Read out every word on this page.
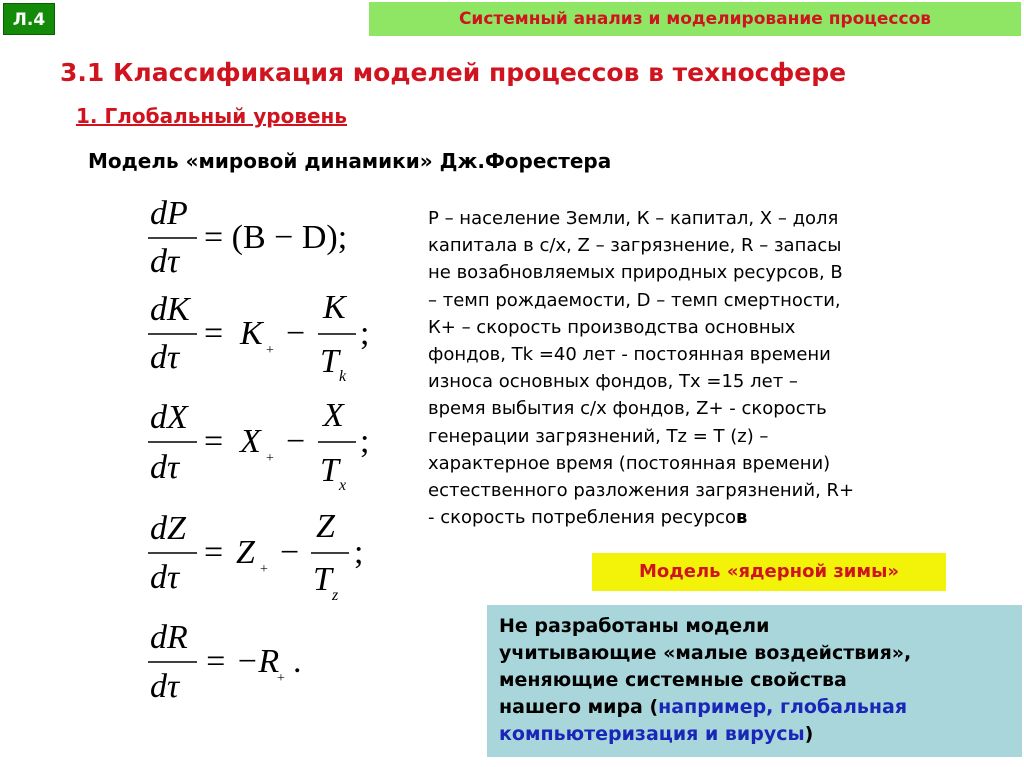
Л.4	Системный анализ и моделирование процессов
3.1 Классификация моделей процессов в техносфере
1. Глобальный уровень
Модель «мировой динамики» Дж.Форестера
dP
dτ
= (B − D);
dK
dτ
= K + −
K
T k
;
dX
dτ
= X + −
X
T x
;
dZ
dτ
= Z + −
Z
T z
;
dR
dτ
= −R
+ .
Р – население Земли, К – капитал, Х – доля
капитала в с/х, Z – загрязнение, R – запасы
не возабновляемых природных ресурсов, В
– темп рождаемости, D – темп смертности,
К+ – скорость производства основных
фондов, Тk =40 лет - постоянная времени
износа основных фондов, Тx =15 лет –
время выбытия с/х фондов, Z+ - скорость
генерации загрязнений, Тz = Т (z) –
характерное время (постоянная времени)
естественного разложения загрязнений, R+
- скорость потребления ресурсов
Модель «ядерной зимы»
Не разработаны модели
учитывающие «малые воздействия»,
меняющие системные свойства
нашего мира (например, глобальная
компьютеризация и вирусы)
